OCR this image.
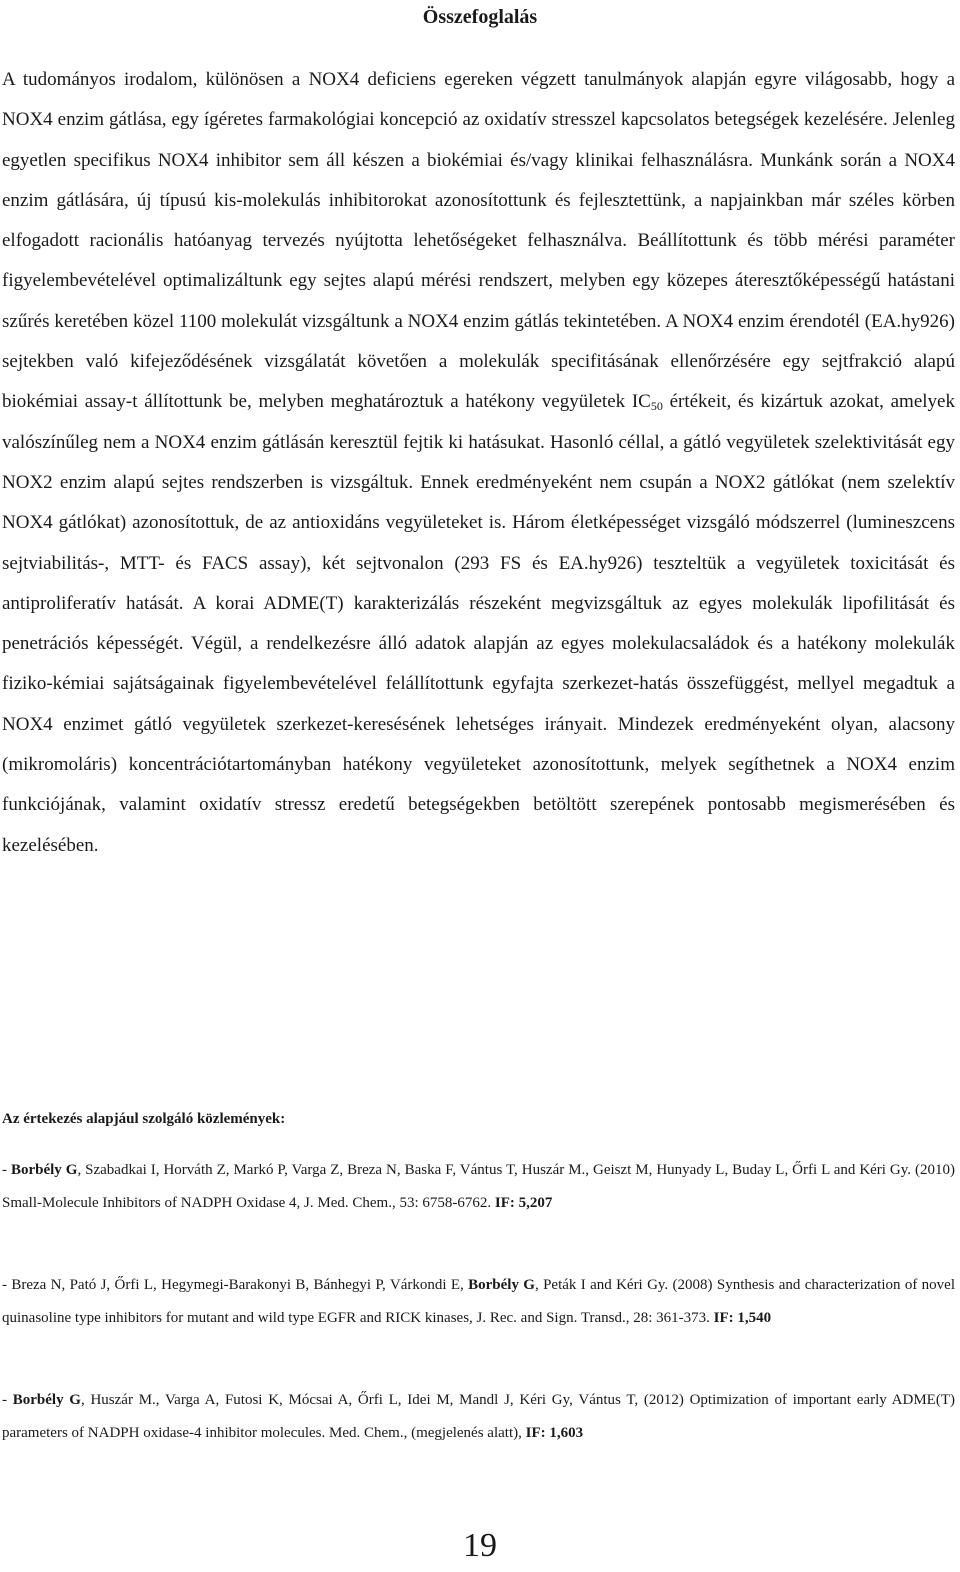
Összefoglalás

A tudományos irodalom, különösen a NOX4 deficiens egereken végzett tanulmányok alapján egyre világosabb, hogy a NOX4 enzim gátlása, egy ígéretes farmakológiai koncepció az oxidatív stresszel kapcsolatos betegségek kezelésére. Jelenleg egyetlen specifikus NOX4 inhibitor sem áll készen a biokémiai és/vagy klinikai felhasználásra. Munkánk során a NOX4 enzim gátlására, új típusú kis-molekulás inhibitorokat azonosítottunk és fejlesztettünk, a napjainkban már széles körben elfogadott racionális hatóanyag tervezés nyújtotta lehetőségeket felhasználva. Beállítottunk és több mérési paraméter figyelembevételével optimalizáltunk egy sejtes alapú mérési rendszert, melyben egy közepes áteresztőképességű hatástani szűrés keretében közel 1100 molekulát vizsgáltunk a NOX4 enzim gátlás tekintetében. A NOX4 enzim érendotél (EA.hy926) sejtekben való kifejeződésének vizsgálatát követően a molekulák specifitásának ellenőrzésére egy sejtfrakció alapú biokémiai assay-t állítottunk be, melyben meghatároztuk a hatékony vegyületek $IC_{50}$ értékeit, és kizártuk azokat, amelyek valószínűleg nem a NOX4 enzim gátlásán keresztül fejtik ki hatásukat. Hasonló céllal, a gátló vegyületek szelektivitását egy NOX2 enzim alapú sejtes rendszerben is vizsgáltuk. Ennek eredményeként nem csupán a NOX2 gátlókat (nem szelektív NOX4 gátlókat) azonosítottuk, de az antioxidáns vegyületeket is. Három életképességet vizsgáló módszerrel (lumineszcens sejtviabilitás-, MTT- és FACS assay), két sejtvonalon (293 FS és EA.hy926) teszteltük a vegyületek toxicitását és antiproliferatív hatását. A korai ADME(T) karakterizálás részeként megvizsgáltuk az egyes molekulák lipofilitását és penetrációs képességét. Végül, a rendelkezésre álló adatok alapján az egyes molekulacsaládok és a hatékony molekulák fiziko-kémiai sajátságainak figyelembevételével felállítottunk egyfajta szerkezet-hatás összefüggést, mellyel megadtuk a NOX4 enzimet gátló vegyületek szerkezet-keresésének lehetséges irányait. Mindezek eredményeként olyan, alacsony (mikromoláris) koncentrációtartományban hatékony vegyületeket azonosítottunk, melyek segíthetnek a NOX4 enzim funkciójának, valamint oxidatív stressz eredetű betegségekben betöltött szerepének pontosabb megismerésében és kezelésében.

Az értekezés alapjául szolgáló közlemények:

- Borbély G, Szabadkai I, Horváth Z, Markó P, Varga Z, Breza N, Baska F, Vántus T, Huszár M., Geiszt M, Hunyady L, Buday L, Őrfi L and Kéri Gy. (2010) Small-Molecule Inhibitors of NADPH Oxidase 4, J. Med. Chem., 53: 6758-6762. IF: 5,207

- Breza N, Pató J, Őrfi L, Hegymegi-Barakonyi B, Bánhegyi P, Várkondi E, Borbély G, Peták I and Kéri Gy. (2008) Synthesis and characterization of novel quinasoline type inhibitors for mutant and wild type EGFR and RICK kinases, J. Rec. and Sign. Transd., 28: 361-373. IF: 1,540

- Borbély G, Huszár M., Varga A, Futosi K, Mócsai A, Őrfi L, Idei M, Mandl J, Kéri Gy, Vántus T, (2012) Optimization of important early ADME(T) parameters of NADPH oxidase-4 inhibitor molecules. Med. Chem., (megjelenés alatt), IF: 1,603

19
